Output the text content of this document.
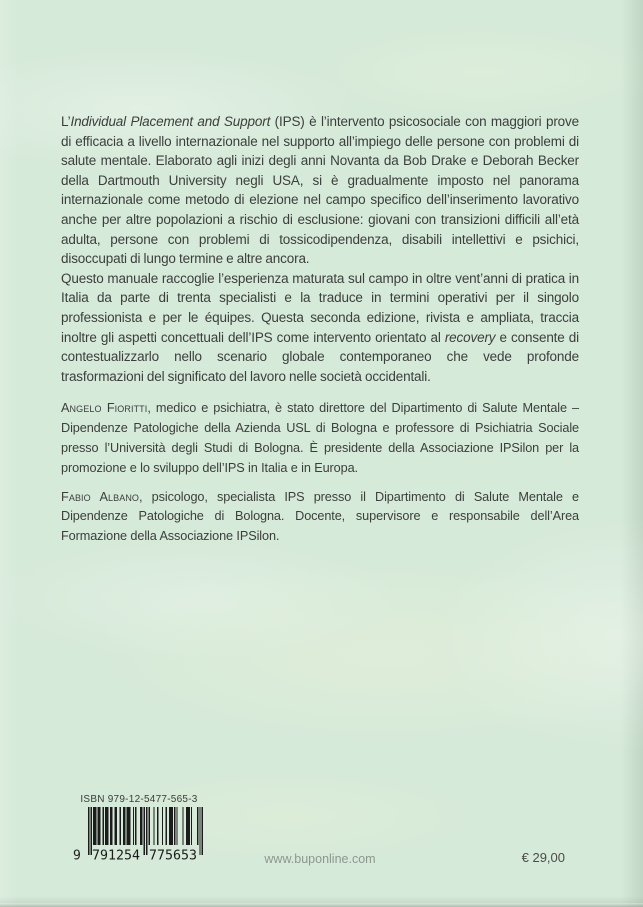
L’Individual Placement and Support (IPS) è l’intervento psicosociale con maggiori prove di efficacia a livello internazionale nel supporto all’impiego delle persone con problemi di salute mentale. Elaborato agli inizi degli anni Novanta da Bob Drake e Deborah Becker della Dartmouth University negli USA, si è gradualmente imposto nel panorama internazionale come metodo di elezione nel campo specifico dell’inserimento lavorativo anche per altre popolazioni a rischio di esclusione: giovani con transizioni difficili all’età adulta, persone con problemi di tossicodipendenza, disabili intellettivi e psichici, disoccupati di lungo termine e altre ancora.

Questo manuale raccoglie l’esperienza maturata sul campo in oltre vent’anni di pratica in Italia da parte di trenta specialisti e la traduce in termini operativi per il singolo professionista e per le équipes. Questa seconda edizione, rivista e ampliata, traccia inoltre gli aspetti concettuali dell’IPS come intervento orientato al recovery e consente di contestualizzarlo nello scenario globale contemporaneo che vede profonde trasformazioni del significato del lavoro nelle società occidentali.

Angelo Fioritti, medico e psichiatra, è stato direttore del Dipartimento di Salute Mentale – Dipendenze Patologiche della Azienda USL di Bologna e professore di Psichiatria Sociale presso l’Università degli Studi di Bologna. È presidente della Associazione IPSilon per la promozione e lo sviluppo dell’IPS in Italia e in Europa.
Fabio Albano, psicologo, specialista IPS presso il Dipartimento di Salute Mentale e Dipendenze Patologiche di Bologna. Docente, supervisore e responsabile dell’Area Formazione della Associazione IPSilon.
ISBN 979-12-5477-565-3
9 791254 775653	www.buponline.com	€ 29,00
